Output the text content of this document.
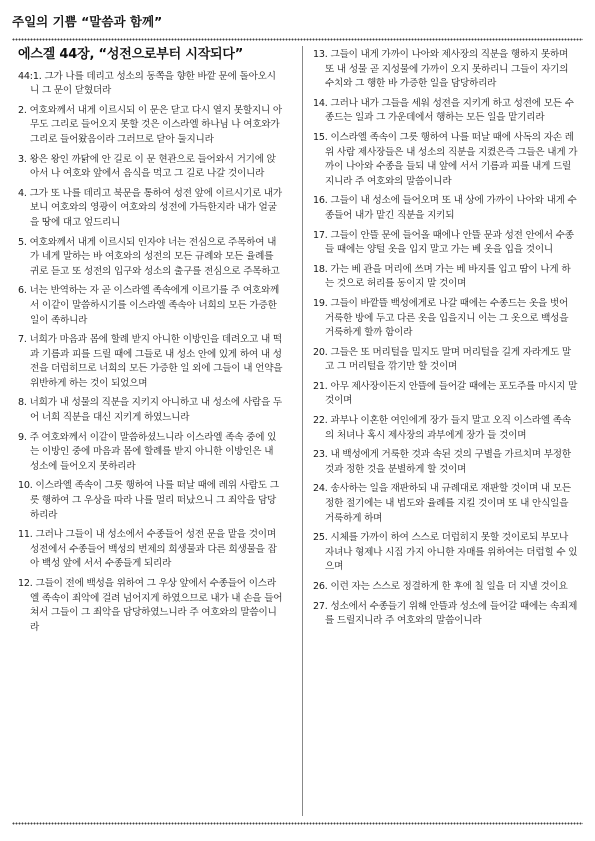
주일의 기쁨 “말씀과 함께”
에스겔 44장, “성전으로부터 시작되다”

44:1. 그가 나를 데리고 성소의 동쪽을 향한 바깥 문에 돌아오시니 그 문이 닫혔더라

2. 여호와께서 내게 이르시되 이 문은 닫고 다시 열지 못할지니 아무도 그리로 들어오지 못할 것은 이스라엘 하나님 나 여호와가 그리로 들어왔음이라 그러므로 닫아 둘지니라

3. 왕은 왕인 까닭에 안 길로 이 문 현관으로 들어와서 거기에 앉아서 나 여호와 앞에서 음식을 먹고 그 길로 나갈 것이니라

4. 그가 또 나를 데리고 북문을 통하여 성전 앞에 이르시기로 내가 보니 여호와의 영광이 여호와의 성전에 가득한지라 내가 얼굴을 땅에 대고 엎드리니

5. 여호와께서 내게 이르시되 인자야 너는 전심으로 주목하여 내가 네게 말하는 바 여호와의 성전의 모든 규례와 모든 율례를 귀로 듣고 또 성전의 입구와 성소의 출구를 전심으로 주목하고

6. 너는 반역하는 자 곧 이스라엘 족속에게 이르기를 주 여호와께서 이같이 말씀하시기를 이스라엘 족속아 너희의 모든 가증한 일이 족하니라

7. 너희가 마음과 몸에 할례 받지 아니한 이방인을 데려오고 내 떡과 기름과 피를 드릴 때에 그들로 내 성소 안에 있게 하여 내 성전을 더럽히므로 너희의 모든 가증한 일 외에 그들이 내 언약을 위반하게 하는 것이 되었으며

8. 너희가 내 성물의 직분을 지키지 아니하고 내 성소에 사람을 두어 너희 직분을 대신 지키게 하였느니라

9. 주 여호와께서 이같이 말씀하셨느니라 이스라엘 족속 중에 있는 이방인 중에 마음과 몸에 할례를 받지 아니한 이방인은 내 성소에 들어오지 못하리라

10. 이스라엘 족속이 그릇 행하여 나를 떠날 때에 레위 사람도 그릇 행하여 그 우상을 따라 나를 멀리 떠났으니 그 죄악을 담당하리라

11. 그러나 그들이 내 성소에서 수종들어 성전 문을 맡을 것이며 성전에서 수종들어 백성의 번제의 희생물과 다른 희생물을 잡아 백성 앞에 서서 수종들게 되리라

12. 그들이 전에 백성을 위하여 그 우상 앞에서 수종들어 이스라엘 족속이 죄악에 걸려 넘어지게 하였으므로 내가 내 손을 들어 쳐서 그들이 그 죄악을 담당하였느니라 주 여호와의 말씀이니라

13. 그들이 내게 가까이 나아와 제사장의 직분을 행하지 못하며 또 내 성물 곧 지성물에 가까이 오지 못하리니 그들이 자기의 수치와 그 행한 바 가증한 일을 담당하리라

14. 그러나 내가 그들을 세워 성전을 지키게 하고 성전에 모든 수종드는 일과 그 가운데에서 행하는 모든 일을 맡기리라

15. 이스라엘 족속이 그릇 행하여 나를 떠날 때에 사독의 자손 레위 사람 제사장들은 내 성소의 직분을 지켰은즉 그들은 내게 가까이 나아와 수종을 들되 내 앞에 서서 기름과 피를 내게 드릴지니라 주 여호와의 말씀이니라

16. 그들이 내 성소에 들어오며 또 내 상에 가까이 나아와 내게 수종들어 내가 맡긴 직분을 지키되

17. 그들이 안뜰 문에 들어올 때에나 안뜰 문과 성전 안에서 수종들 때에는 양털 옷을 입지 말고 가는 베 옷을 입을 것이니

18. 가는 베 관을 머리에 쓰며 가는 베 바지를 입고 땀이 나게 하는 것으로 허리를 동이지 말 것이며

19. 그들이 바깥뜰 백성에게로 나갈 때에는 수종드는 옷을 벗어 거룩한 방에 두고 다른 옷을 입을지니 이는 그 옷으로 백성을 거룩하게 할까 함이라

20. 그들은 또 머리털을 밀지도 말며 머리털을 길게 자라게도 말고 그 머리털을 깎기만 할 것이며

21. 아무 제사장이든지 안뜰에 들어갈 때에는 포도주를 마시지 말 것이며

22. 과부나 이혼한 여인에게 장가 들지 말고 오직 이스라엘 족속의 처녀나 혹시 제사장의 과부에게 장가 들 것이며

23. 내 백성에게 거룩한 것과 속된 것의 구별을 가르치며 부정한 것과 정한 것을 분별하게 할 것이며

24. 송사하는 일을 재판하되 내 규례대로 재판할 것이며 내 모든 정한 절기에는 내 법도와 율례를 지킬 것이며 또 내 안식일을 거룩하게 하며

25. 시체를 가까이 하여 스스로 더럽히지 못할 것이로되 부모나 자녀나 형제나 시집 가지 아니한 자매를 위하여는 더럽힐 수 있으며

26. 이런 자는 스스로 정결하게 한 후에 칠 일을 더 지낼 것이요

27. 성소에서 수종들기 위해 안뜰과 성소에 들어갈 때에는 속죄제를 드릴지니라 주 여호와의 말씀이니라
